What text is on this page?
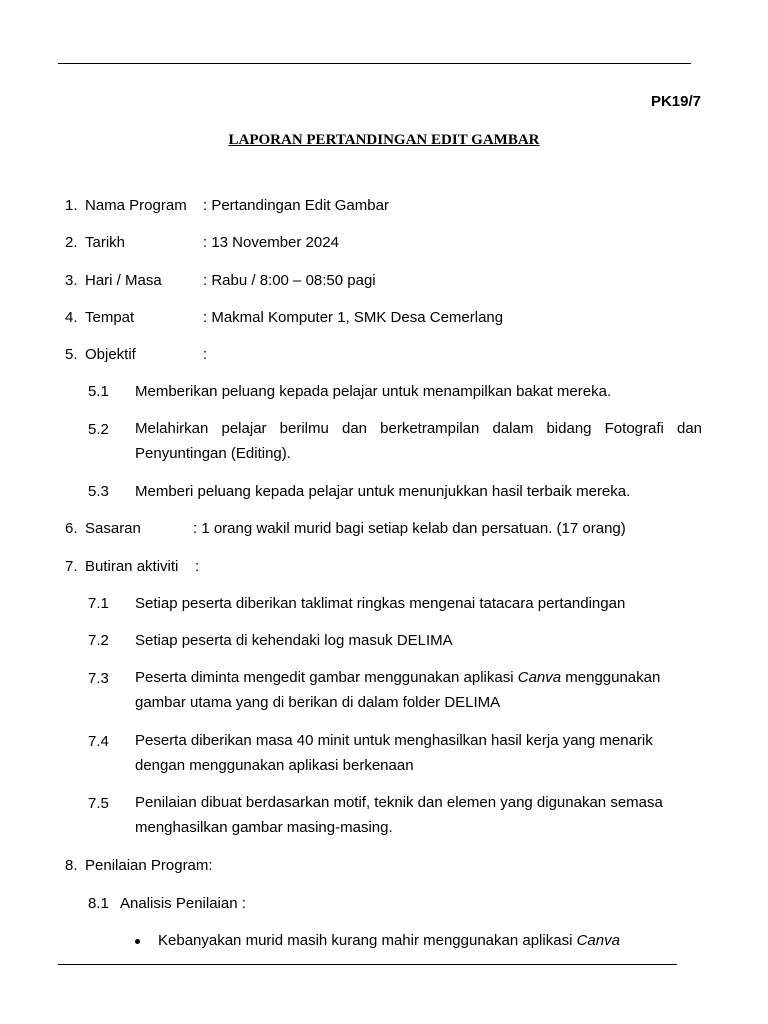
PK19/7
LAPORAN PERTANDINGAN EDIT GAMBAR
1. Nama Program : Pertandingan Edit Gambar
2. Tarikh	: 13 November 2024
3. Hari / Masa	: Rabu / 8:00 – 08:50 pagi
4. Tempat	: Makmal Komputer 1, SMK Desa Cemerlang
5. Objektif	:
5.1 Memberikan peluang kepada pelajar untuk menampilkan bakat mereka.
5.2 Melahirkan pelajar berilmu dan berketrampilan dalam bidang Fotografi dan Penyuntingan (Editing).
5.3 Memberi peluang kepada pelajar untuk menunjukkan hasil terbaik mereka.
6. Sasaran	: 1 orang wakil murid bagi setiap kelab dan persatuan. (17 orang)
7. Butiran aktiviti :
7.1 Setiap peserta diberikan taklimat ringkas mengenai tatacara pertandingan
7.2 Setiap peserta di kehendaki log masuk DELIMA
7.3 Peserta diminta mengedit gambar menggunakan aplikasi Canva menggunakan gambar utama yang di berikan di dalam folder DELIMA
7.4 Peserta diberikan masa 40 minit untuk menghasilkan hasil kerja yang menarik dengan menggunakan aplikasi berkenaan
7.5 Penilaian dibuat berdasarkan motif, teknik dan elemen yang digunakan semasa menghasilkan gambar masing-masing.
8. Penilaian Program:
8.1 Analisis Penilaian :
Kebanyakan murid masih kurang mahir menggunakan aplikasi Canva
